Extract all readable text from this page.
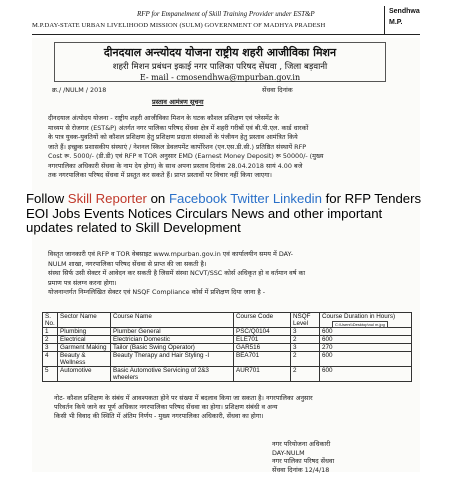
RFP for Empanelment of Skill Training Provider under EST&P
M.P.DAY-STATE URBAN LIVELIHOOD MISSION (SULM) GOVERNMENT OF MADHYA PRADESH
Sendhwa
M.P.
दीनदयाल अन्त्योदय योजना राष्ट्रीय शहरी आजीविका मिशन
शहरी मिशन प्रबंधन इकाई नगर पालिका परिषद सेंधवा , जिला बड़वानी
E- mail - cmosendhwa@mpurban.gov.in
क्र./ /NULM / 2018	सेंधवा दिनांक
प्रस्ताव आमंत्रण सूचना
दीनदयाल अंत्योदय योजना - राष्ट्रीय शहरी आजीविका मिशन के घटक कौशल प्रशिक्षण एवं प्लेसमेंट के
माध्यम से रोजगार (EST&P) अंतर्गत नगर पालिका परिषद सेंधवा क्षेत्र में शहरी गरीबों एवं बी.पी.एल. कार्ड धारकों
के पात्र युवक-युवतियों को कौशल प्रशिक्षण हेतु प्रशिक्षण प्रदाता संस्थाओं के पंजीयन हेतु प्रस्ताव आमंत्रित किये
जाते हैं। इच्छुक प्रशासकीय संस्थाएं / नेशनल स्किल डेवलपमेंट कार्पोरेशन (एन.एस.डी.सी.) प्रतिष्ठित संस्थायें RFP
Cost रू. 5000/- (डी.डी) एवं RFP व TOR अनुसार EMD (Earnest Money Deposit) रू 50000/- (मुख्य
नगरपालिका अधिकारी सेंधवा के नाम देय होगा) के साथ अपना प्रस्ताव दिनांक 28.04.2018 सायं 4.00 बजे
तक नगरपालिका परिषद सेंधवा में प्रस्तुत कर सकते हैं। प्राप्त प्रस्तावों पर विचार नहीं किया जाएगा।
Follow Skill Reporter on Facebook Twitter Linkedin for RFP Tenders EOI Jobs Events Notices Circulars News and other important updates related to Skill Development
विस्तृत जानकारी एवं RFP व TOR वेबसाइट www.mpurban.gov.in एवं कार्यालयीन समय में DAY-
NULM शाखा, नगरपालिका परिषद सेंधवा से प्राप्त की जा सकती है।
संस्था सिर्फ उसी सेक्टर में आवेदन कर सकती है जिसमें संस्था NCVT/SSC कोर्स अधिकृत हो व वर्तमान वर्ष का
प्रमाण पत्र संलग्न करना होगा।
योजनान्तर्गत निम्नलिखित सेक्टर एवं NSQF Compliance कोर्स में प्रशिक्षण दिया जाना है -
S. No.	Sector Name	Course Name	Course Code	NSQF Level	Course Duration in Hours)
1	Plumbing	Plumber General	PSC/Q0104	3	600
2	Electrical	Electrician Domestic	ELE701	2	600
3	Garment Making	Tailor (Basic Swing Operator)	GAR516	3	270
4	Beauty & Wellness	Beauty Therapy and Hair Styling -I	BEA701	2	600
5	Automotive	Basic Automotive Servicing of 2&3 wheelers	AUR701	2	600
C:\Users\\Desktop\nul m.jpg
नोट- कौशल प्रशिक्षण के संबंध में आवश्यकता होने पर संख्या में बदलाव किया जा सकता है। नगरपालिका अनुसार
परिवर्तन किये जाने का पूर्ण अधिकार नगरपालिका परिषद सेंधवा का होगा। प्रशिक्षण संबंधी व अन्य
किसी भी विवाद की स्थिति में अंतिम निर्णय - मुख्य नगरपालिका अधिकारी, सेंधवा का होगा।
नगर परियोजना अधिकारी
DAY-NULM
नगर पालिका परिषद सेंधवा
सेंधवा दिनांक 12/4/18
